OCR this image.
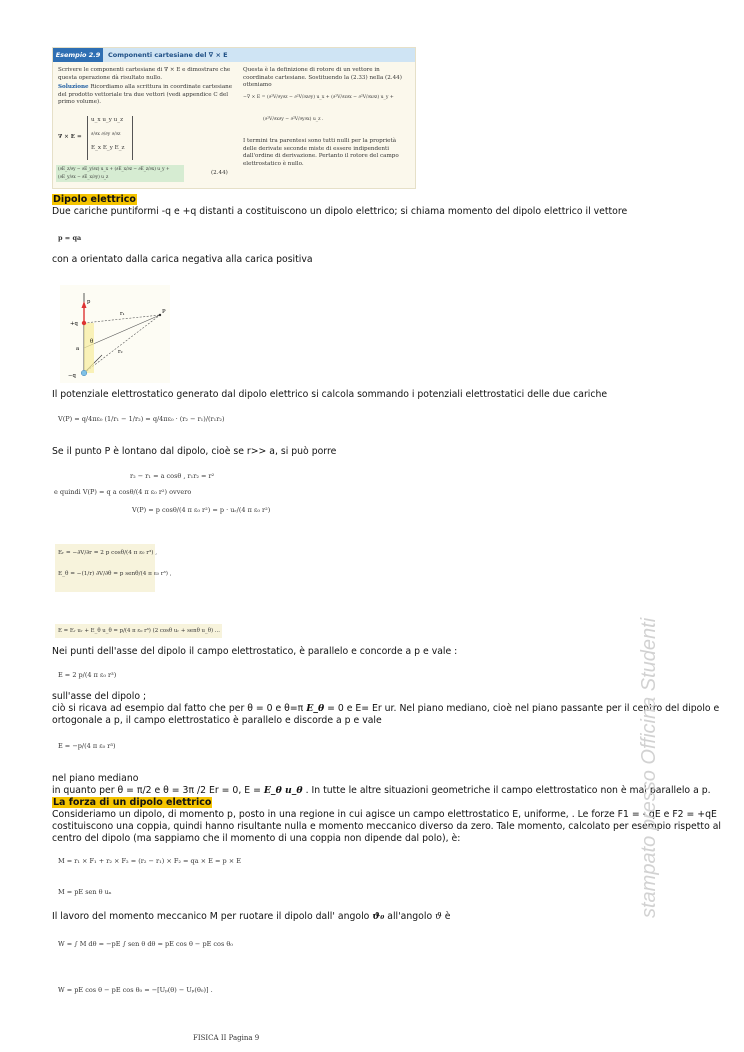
Esempio 2.9	Componenti cartesiane del ∇ × E
Scrivere le componenti cartesiane di ∇ × E e dimostrare che questa operazione dà risultato nullo.
Soluzione Ricordiamo alla scrittura in coordinate cartesiane del prodotto vettoriale tra due vettori (vedi appendice C del primo volume).
∇ × E =
u_x u_y u_z
∂/∂x ∂/∂y ∂/∂z
E_x E_y E_z
(∂E_z/∂y − ∂E_y/∂z) u_x + (∂E_x/∂z − ∂E_z/∂x) u_y + (∂E_y/∂x − ∂E_x/∂y) u_z
(2.44)
Questa è la definizione di rotore di un vettore in coordinate cartesiane. Sostituendo la (2.33) nella (2.44) otteniamo
−∇ × E = (∂²V/∂y∂z − ∂²V/∂z∂y) u_x + (∂²V/∂z∂x − ∂²V/∂x∂z) u_y +
(∂²V/∂x∂y − ∂²V/∂y∂x) u_z .
I termini tra parentesi sono tutti nulli per la proprietà delle derivate seconde miste di essere indipendenti dall'ordine di derivazione. Pertanto il rotore del campo elettrostatico è nullo.
Dipolo elettrico
Due cariche puntiformi -q e +q distanti a costituiscono un dipolo elettrico; si chiama momento del dipolo elettrico il vettore
p = qa
con a orientato dalla carica negativa alla carica positiva
p
r₁
r₂
θ
a
+q
−q
P
Il potenziale elettrostatico generato dal dipolo elettrico si calcola sommando i potenziali elettrostatici delle due cariche
V(P) = q/4πε₀ (1/r₁ − 1/r₂) = q/4πε₀ · (r₂ − r₁)/(r₁r₂)
Se il punto P è lontano dal dipolo, cioè se r>> a, si può porre
r₂ − r₁ = a cosθ , r₁r₂ = r²
e quindi V(P) = q a cosθ/(4 π ε₀ r²) ovvero
V(P) = p cosθ/(4 π ε₀ r²) = p · uᵣ/(4 π ε₀ r²)
Eᵣ = −∂V/∂r = 2 p cosθ/(4 π ε₀ r³) ,
E_θ = −(1/r) ∂V/∂θ = p senθ/(4 π ε₀ r³) ,
E = Eᵣ uᵣ + E_θ u_θ = p/(4 π ε₀ r³) (2 cosθ uᵣ + senθ u_θ) ...
Nei punti dell'asse del dipolo il campo elettrostatico, è parallelo e concorde a p e vale :
E = 2 p/(4 π ε₀ r³)
sull'asse del dipolo ;
ciò si ricava ad esempio dal fatto che per θ = 0 e θ=π E_θ = 0 e E= Er ur. Nel piano mediano, cioè nel piano passante per il centro del dipolo e
ortogonale a p, il campo elettrostatico è parallelo e discorde a p e vale
E = −p/(4 π ε₀ r³)
nel piano mediano
in quanto per θ = π/2 e θ = 3π /2 Er = 0, E = E_θ u_θ . In tutte le altre situazioni geometriche il campo elettrostatico non è mai parallelo a p.
La forza di un dipolo elettrico
Consideriamo un dipolo, di momento p, posto in una regione in cui agisce un campo elettrostatico E, uniforme, . Le forze F1 = - qE e F2 = +qE costituiscono una coppia, quindi hanno risultante nulla e momento meccanico diverso da zero. Tale momento, calcolato per esempio rispetto al centro del dipolo (ma sappiamo che il momento di una coppia non dipende dal polo), è:
M = r₁ × F₁ + r₂ × F₂ = (r₂ − r₁) × F₂ = qa × E = p × E
M = pE sen θ uₙ
Il lavoro del momento meccanico M per ruotare il dipolo dall' angolo ϑ₀ all'angolo ϑ è
W = ∫ M dθ = −pE ∫ sen θ dθ = pE cos θ − pE cos θ₀
W = pE cos θ − pE cos θ₀ = −[Uₚ(θ) − Uₚ(θ₀)] .
stampato presso Officina Studenti
FISICA II Pagina 9
